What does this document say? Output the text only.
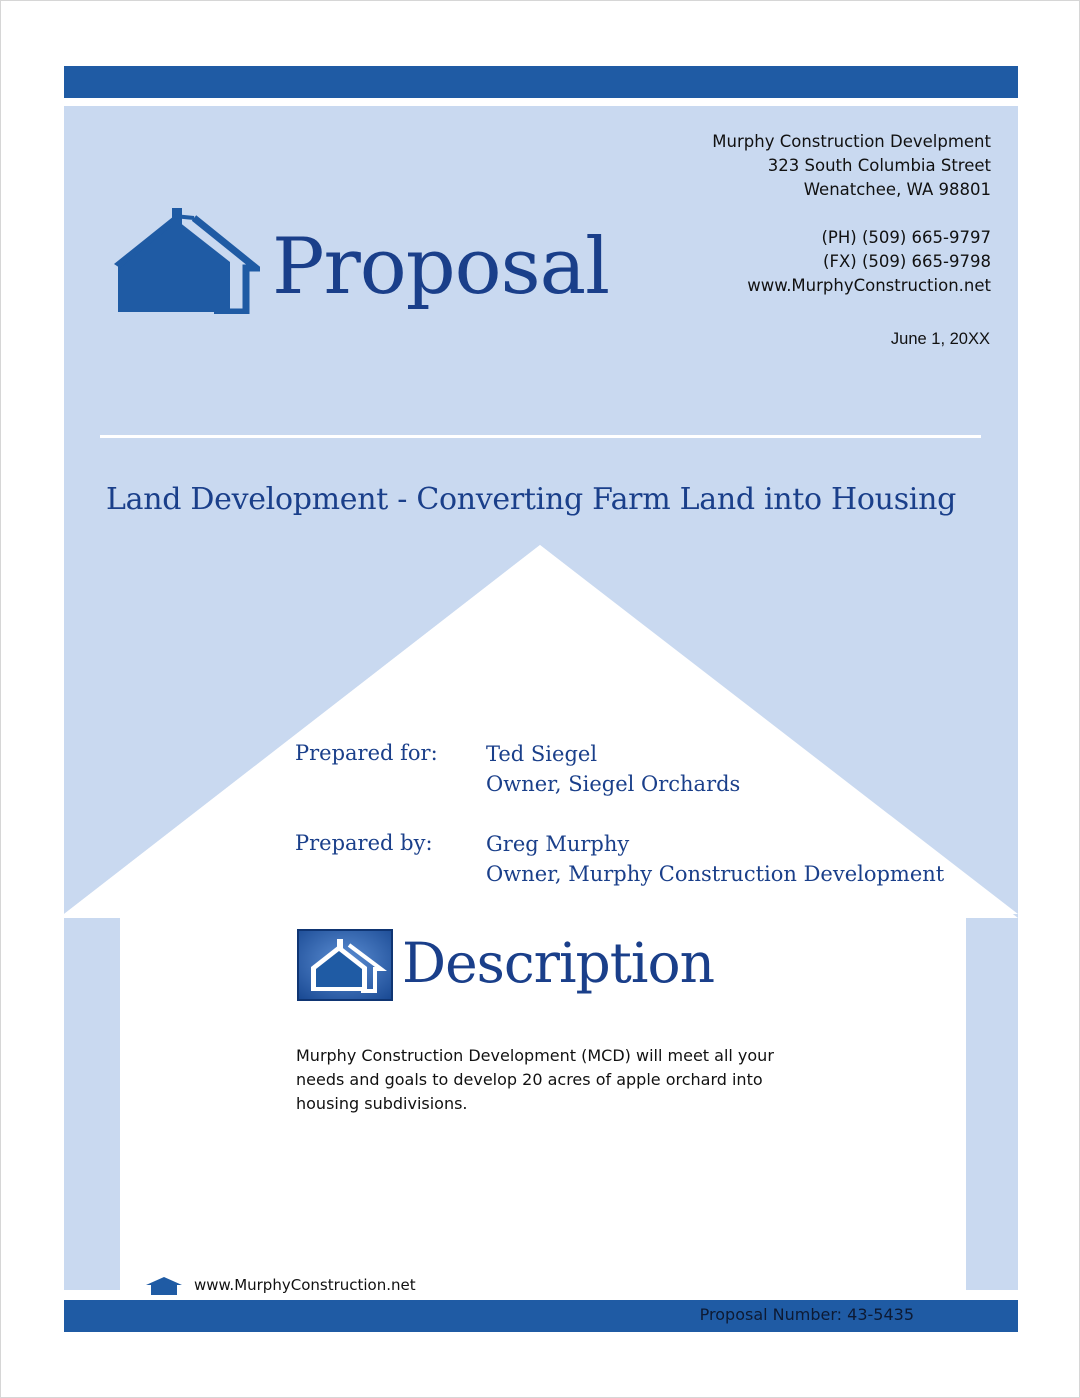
Proposal
Murphy Construction Develpment
323 South Columbia Street
Wenatchee, WA 98801
(PH) (509) 665-9797
(FX) (509) 665-9798
www.MurphyConstruction.net
June 1, 20XX
Land Development - Converting Farm Land into Housing
Prepared for: Ted Siegel
Owner, Siegel Orchards
Prepared by:	Greg Murphy
Owner, Murphy Construction Development
Description
Murphy Construction Development (MCD) will meet all your
needs and goals to develop 20 acres of apple orchard into
housing subdivisions.
www.MurphyConstruction.net
Proposal Number: 43-5435
